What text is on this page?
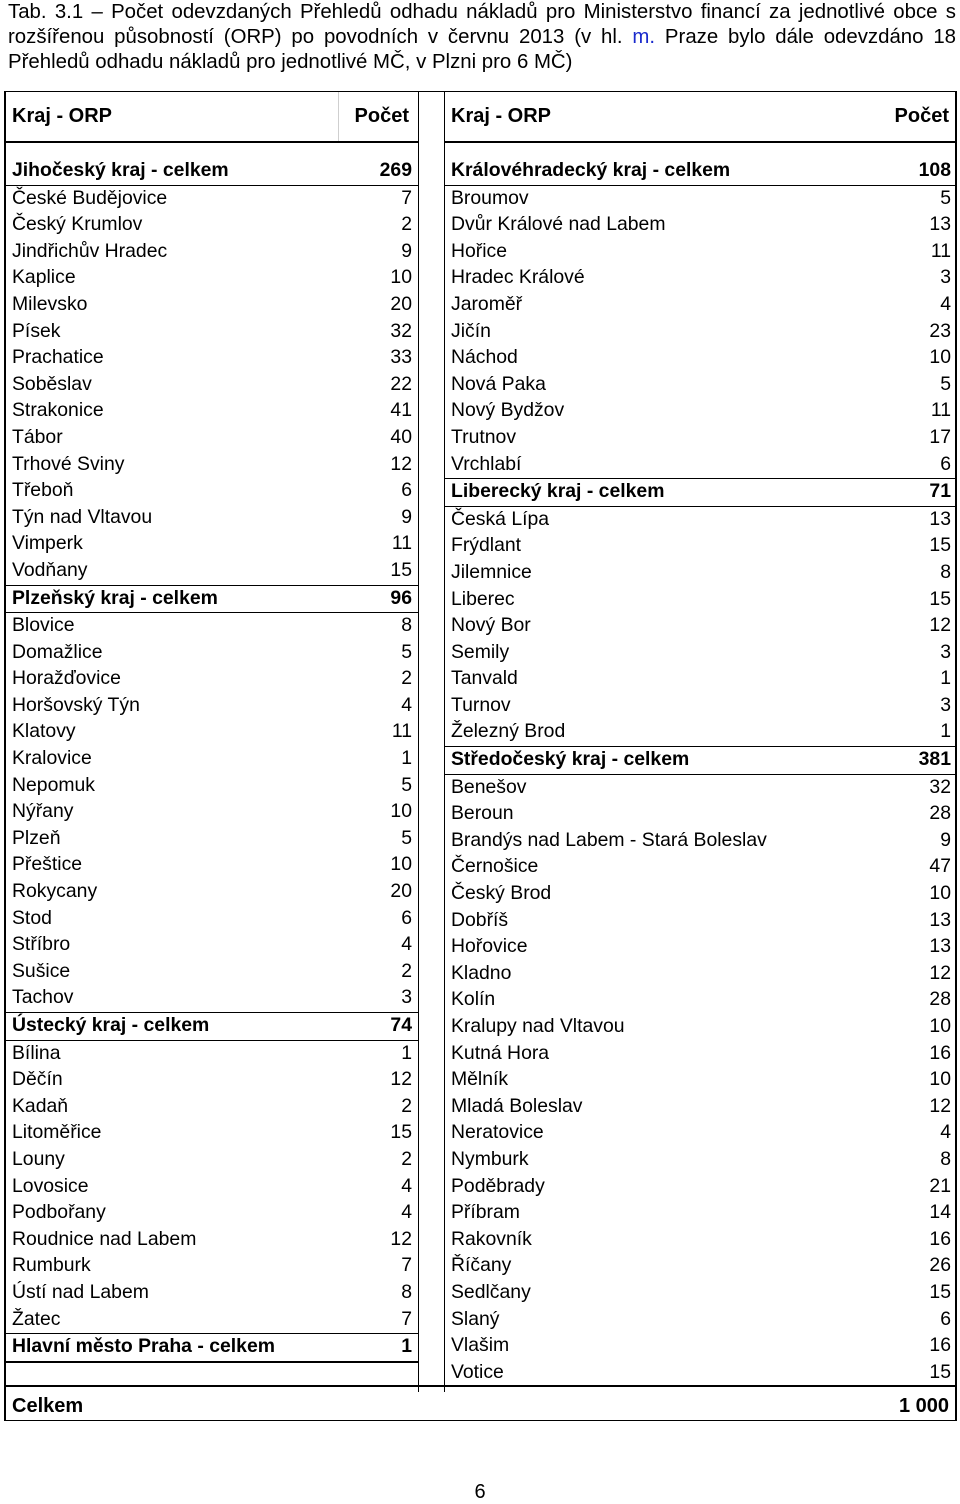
Tab. 3.1 – Počet odevzdaných Přehledů odhadu nákladů pro Ministerstvo financí za jednotlivé obce s rozšířenou působností (ORP) po povodních v červnu 2013 (v hl. m. Praze bylo dále odevzdáno 18 Přehledů odhadu nákladů pro jednotlivé MČ, v Plzni pro 6 MČ)
Kraj - ORP	Počet
Jihočeský kraj - celkem	269
České Budějovice	7
Český Krumlov	2
Jindřichův Hradec	9
Kaplice	10
Milevsko	20
Písek	32
Prachatice	33
Soběslav	22
Strakonice	41
Tábor	40
Trhové Sviny	12
Třeboň	6
Týn nad Vltavou	9
Vimperk	11
Vodňany	15
Plzeňský kraj - celkem	96
Blovice	8
Domažlice	5
Horažďovice	2
Horšovský Týn	4
Klatovy	11
Kralovice	1
Nepomuk	5
Nýřany	10
Plzeň	5
Přeštice	10
Rokycany	20
Stod	6
Stříbro	4
Sušice	2
Tachov	3
Ústecký kraj - celkem	74
Bílina	1
Děčín	12
Kadaň	2
Litoměřice	15
Louny	2
Lovosice	4
Podbořany	4
Roudnice nad Labem	12
Rumburk	7
Ústí nad Labem	8
Žatec	7
Hlavní město Praha - celkem	1
Kraj - ORP	Počet
Královéhradecký kraj - celkem	108
Broumov	5
Dvůr Králové nad Labem	13
Hořice	11
Hradec Králové	3
Jaroměř	4
Jičín	23
Náchod	10
Nová Paka	5
Nový Bydžov	11
Trutnov	17
Vrchlabí	6
Liberecký kraj - celkem	71
Česká Lípa	13
Frýdlant	15
Jilemnice	8
Liberec	15
Nový Bor	12
Semily	3
Tanvald	1
Turnov	3
Železný Brod	1
Středočeský kraj - celkem	381
Benešov	32
Beroun	28
Brandýs nad Labem - Stará Boleslav	9
Černošice	47
Český Brod	10
Dobříš	13
Hořovice	13
Kladno	12
Kolín	28
Kralupy nad Vltavou	10
Kutná Hora	16
Mělník	10
Mladá Boleslav	12
Neratovice	4
Nymburk	8
Poděbrady	21
Příbram	14
Rakovník	16
Říčany	26
Sedlčany	15
Slaný	6
Vlašim	16
Votice	15
Celkem	1 000
6
